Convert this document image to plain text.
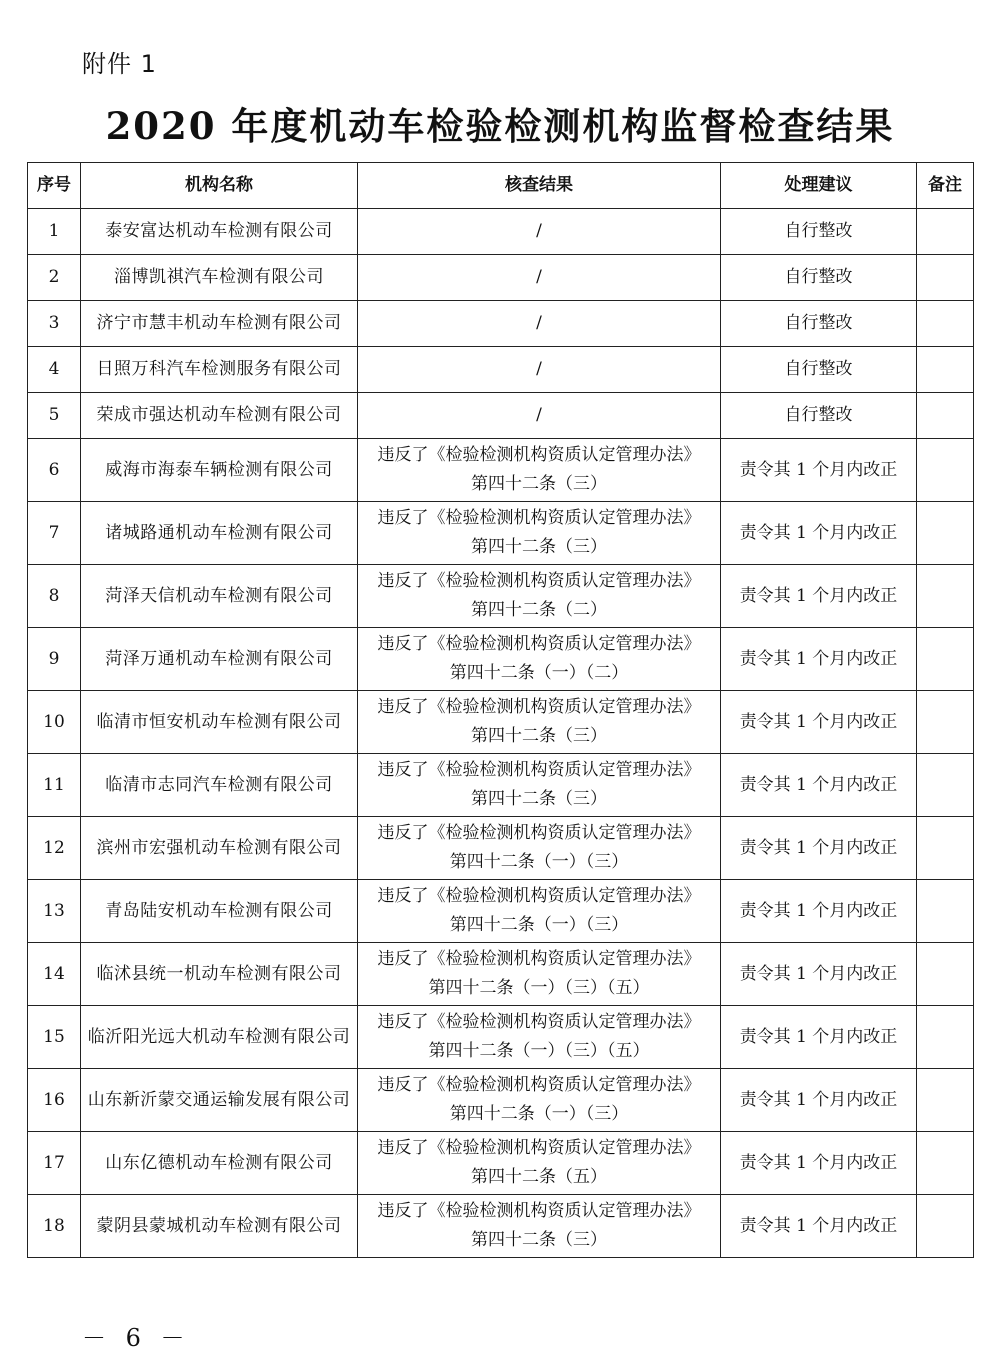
附件 1
2020 年度机动车检验检测机构监督检查结果
序号	机构名称	核查结果	处理建议	备注
1	泰安富达机动车检测有限公司	/	自行整改	
2	淄博凯祺汽车检测有限公司	/	自行整改	
3	济宁市慧丰机动车检测有限公司	/	自行整改	
4	日照万科汽车检测服务有限公司	/	自行整改	
5	荣成市强达机动车检测有限公司	/	自行整改	
6	威海市海泰车辆检测有限公司	违反了《检验检测机构资质认定管理办法》
第四十二条（三）	责令其 1 个月内改正	
7	诸城路通机动车检测有限公司	违反了《检验检测机构资质认定管理办法》
第四十二条（三）	责令其 1 个月内改正	
8	菏泽天信机动车检测有限公司	违反了《检验检测机构资质认定管理办法》
第四十二条（二）	责令其 1 个月内改正	
9	菏泽万通机动车检测有限公司	违反了《检验检测机构资质认定管理办法》
第四十二条（一）（二）	责令其 1 个月内改正	
10	临清市恒安机动车检测有限公司	违反了《检验检测机构资质认定管理办法》
第四十二条（三）	责令其 1 个月内改正	
11	临清市志同汽车检测有限公司	违反了《检验检测机构资质认定管理办法》
第四十二条（三）	责令其 1 个月内改正	
12	滨州市宏强机动车检测有限公司	违反了《检验检测机构资质认定管理办法》
第四十二条（一）（三）	责令其 1 个月内改正	
13	青岛陆安机动车检测有限公司	违反了《检验检测机构资质认定管理办法》
第四十二条（一）（三）	责令其 1 个月内改正	
14	临沭县统一机动车检测有限公司	违反了《检验检测机构资质认定管理办法》
第四十二条（一）（三）（五）	责令其 1 个月内改正	
15	临沂阳光远大机动车检测有限公司	违反了《检验检测机构资质认定管理办法》
第四十二条（一）（三）（五）	责令其 1 个月内改正	
16	山东新沂蒙交通运输发展有限公司	违反了《检验检测机构资质认定管理办法》
第四十二条（一）（三）	责令其 1 个月内改正	
17	山东亿德机动车检测有限公司	违反了《检验检测机构资质认定管理办法》
第四十二条（五）	责令其 1 个月内改正	
18	蒙阴县蒙城机动车检测有限公司	违反了《检验检测机构资质认定管理办法》
第四十二条（三）	责令其 1 个月内改正	
－ 6 －
